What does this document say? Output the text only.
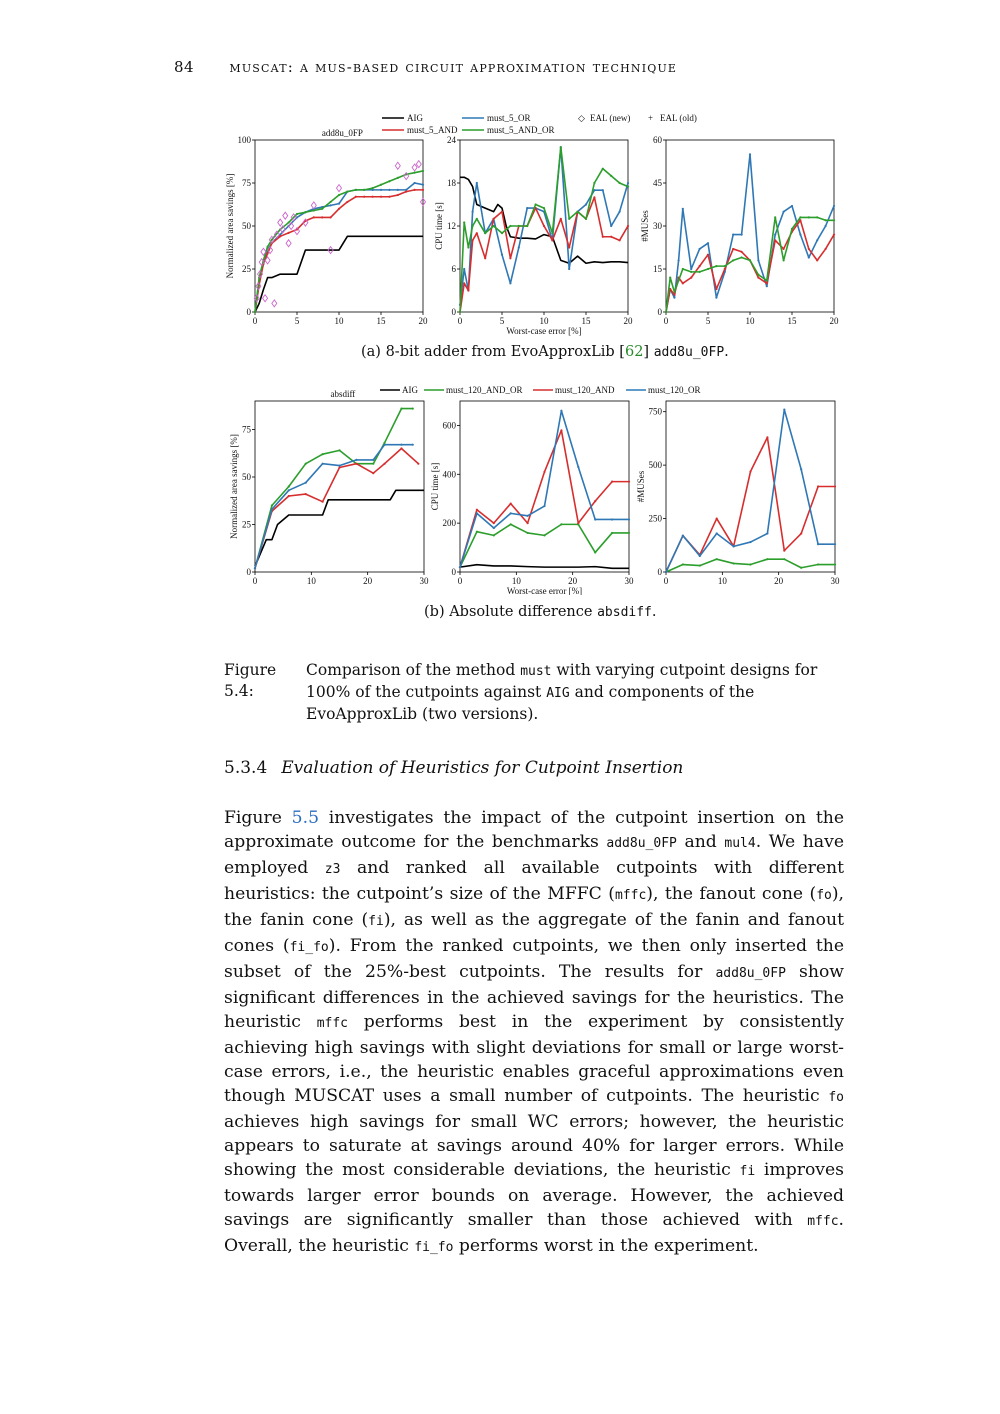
84 muscat: a mus-based circuit approximation technique
AIG	must_5_OR	◇ EAL (new) + EAL (old)
must_5_AND	must_5_AND_OR
add8u_0FP
0	5	10	15	20
0
25
50
75
100
Normalized area savings [%]
0	5	10	15	20
0
6
12
18
24
CPU time [s]
Worst-case error [%]
0	5	10	15	20
0
15
30
45
60
#MUSes
(a) 8-bit adder from EvoApproxLib [62] add8u_0FP.
AIG	must_120_AND_OR	must_120_AND	must_120_OR
absdiff
0	10	20	30
0
25
50
75
Normalized area savings [%]
0	10	20	30
0
200
400
600
CPU time [s]
Worst-case error [%]
0	10	20	30
0
250
500
750
#MUSes
(b) Absolute difference absdiff.
Figure 5.4:
Comparison of the method must with varying cutpoint designs for 100% of the cutpoints against AIG and components of the EvoApproxLib (two versions).
5.3.4 Evaluation of Heuristics for Cutpoint Insertion
Figure 5.5 investigates the impact of the cutpoint insertion on the approximate outcome for the benchmarks add8u_0FP and mul4. We have employed z3 and ranked all available cutpoints with different heuristics: the cutpoint’s size of the MFFC (mffc), the fanout cone (fo), the fanin cone (fi), as well as the aggregate of the fanin and fanout cones (fi_fo). From the ranked cutpoints, we then only inserted the subset of the 25%-best cutpoints. The results for add8u_0FP show significant differences in the achieved savings for the heuristics. The heuristic mffc performs best in the experiment by consistently achieving high savings with slight deviations for small or large worst-case errors, i.e., the heuristic enables graceful approximations even though MUSCAT uses a small number of cutpoints. The heuristic fo achieves high savings for small WC errors; however, the heuristic appears to saturate at savings around 40% for larger errors. While showing the most considerable deviations, the heuristic fi improves towards larger error bounds on average. However, the achieved savings are significantly smaller than those achieved with mffc. Overall, the heuristic fi_fo performs worst in the experiment.
